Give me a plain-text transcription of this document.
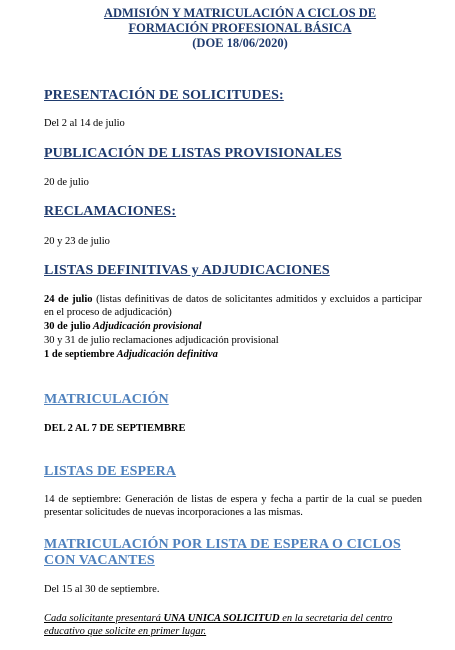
ADMISIÓN Y MATRICULACIÓN A CICLOS DE
FORMACIÓN PROFESIONAL BÁSICA
(DOE 18/06/2020)
PRESENTACIÓN DE SOLICITUDES:
Del 2 al 14 de julio
PUBLICACIÓN DE LISTAS PROVISIONALES
20 de julio
RECLAMACIONES:
20 y 23 de julio
LISTAS DEFINITIVAS y ADJUDICACIONES
24 de julio (listas definitivas de datos de solicitantes admitidos y excluidos a participar en el proceso de adjudicación)
30 de julio Adjudicación provisional
30 y 31 de julio reclamaciones adjudicación provisional
1 de septiembre Adjudicación definitiva
MATRICULACIÓN
DEL 2 AL 7 DE SEPTIEMBRE
LISTAS DE ESPERA
14 de septiembre: Generación de listas de espera y fecha a partir de la cual se pueden presentar solicitudes de nuevas incorporaciones a las mismas.
MATRICULACIÓN POR LISTA DE ESPERA O CICLOS
CON VACANTES
Del 15 al 30 de septiembre.
Cada solicitante presentará UNA UNICA SOLICITUD en la secretaria del centro educativo que solicite en primer lugar.
